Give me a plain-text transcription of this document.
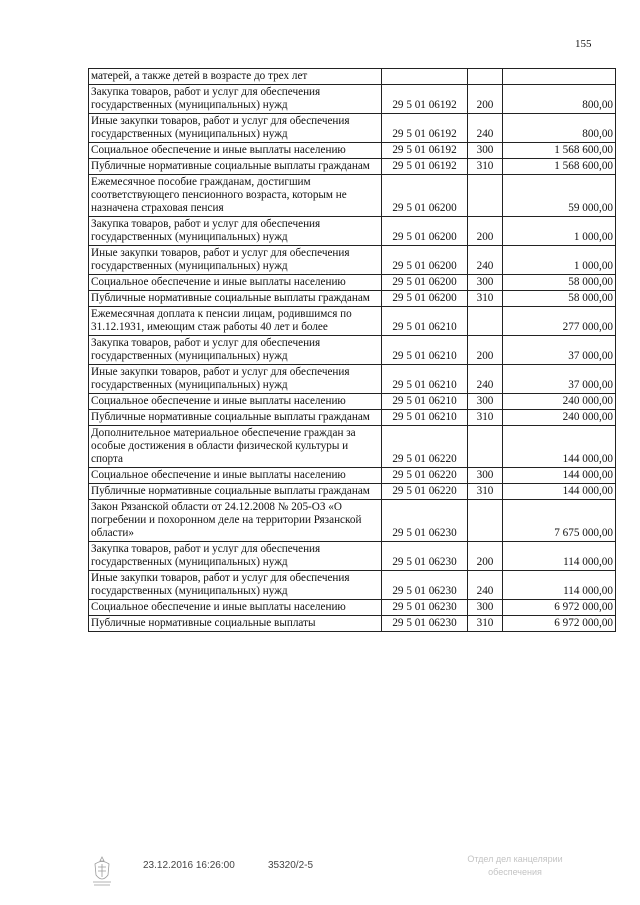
155
матерей, а также детей в возрасте до трех лет			
Закупка товаров, работ и услуг для обеспечения государственных (муниципальных) нужд	29 5 01 06192	200	800,00
Иные закупки товаров, работ и услуг для обеспечения государственных (муниципальных) нужд	29 5 01 06192	240	800,00
Социальное обеспечение и иные выплаты населению	29 5 01 06192	300	1 568 600,00
Публичные нормативные социальные выплаты гражданам	29 5 01 06192	310	1 568 600,00
Ежемесячное пособие гражданам, достигшим соответствующего пенсионного возраста, которым не назначена страховая пенсия	29 5 01 06200		59 000,00
Закупка товаров, работ и услуг для обеспечения государственных (муниципальных) нужд	29 5 01 06200	200	1 000,00
Иные закупки товаров, работ и услуг для обеспечения государственных (муниципальных) нужд	29 5 01 06200	240	1 000,00
Социальное обеспечение и иные выплаты населению	29 5 01 06200	300	58 000,00
Публичные нормативные социальные выплаты гражданам	29 5 01 06200	310	58 000,00
Ежемесячная доплата к пенсии лицам, родившимся по 31.12.1931, имеющим стаж работы 40 лет и более	29 5 01 06210		277 000,00
Закупка товаров, работ и услуг для обеспечения государственных (муниципальных) нужд	29 5 01 06210	200	37 000,00
Иные закупки товаров, работ и услуг для обеспечения государственных (муниципальных) нужд	29 5 01 06210	240	37 000,00
Социальное обеспечение и иные выплаты населению	29 5 01 06210	300	240 000,00
Публичные нормативные социальные выплаты гражданам	29 5 01 06210	310	240 000,00
Дополнительное материальное обеспечение граждан за особые достижения в области физической культуры и спорта	29 5 01 06220		144 000,00
Социальное обеспечение и иные выплаты населению	29 5 01 06220	300	144 000,00
Публичные нормативные социальные выплаты гражданам	29 5 01 06220	310	144 000,00
Закон Рязанской области от 24.12.2008 № 205-ОЗ «О погребении и похоронном деле на территории Рязанской области»	29 5 01 06230		7 675 000,00
Закупка товаров, работ и услуг для обеспечения государственных (муниципальных) нужд	29 5 01 06230	200	114 000,00
Иные закупки товаров, работ и услуг для обеспечения государственных (муниципальных) нужд	29 5 01 06230	240	114 000,00
Социальное обеспечение и иные выплаты населению	29 5 01 06230	300	6 972 000,00
Публичные нормативные социальные выплаты	29 5 01 06230	310	6 972 000,00
23.12.2016 16:26:00	35320/2-5
Отдел дел канцелярии
обеспечения
